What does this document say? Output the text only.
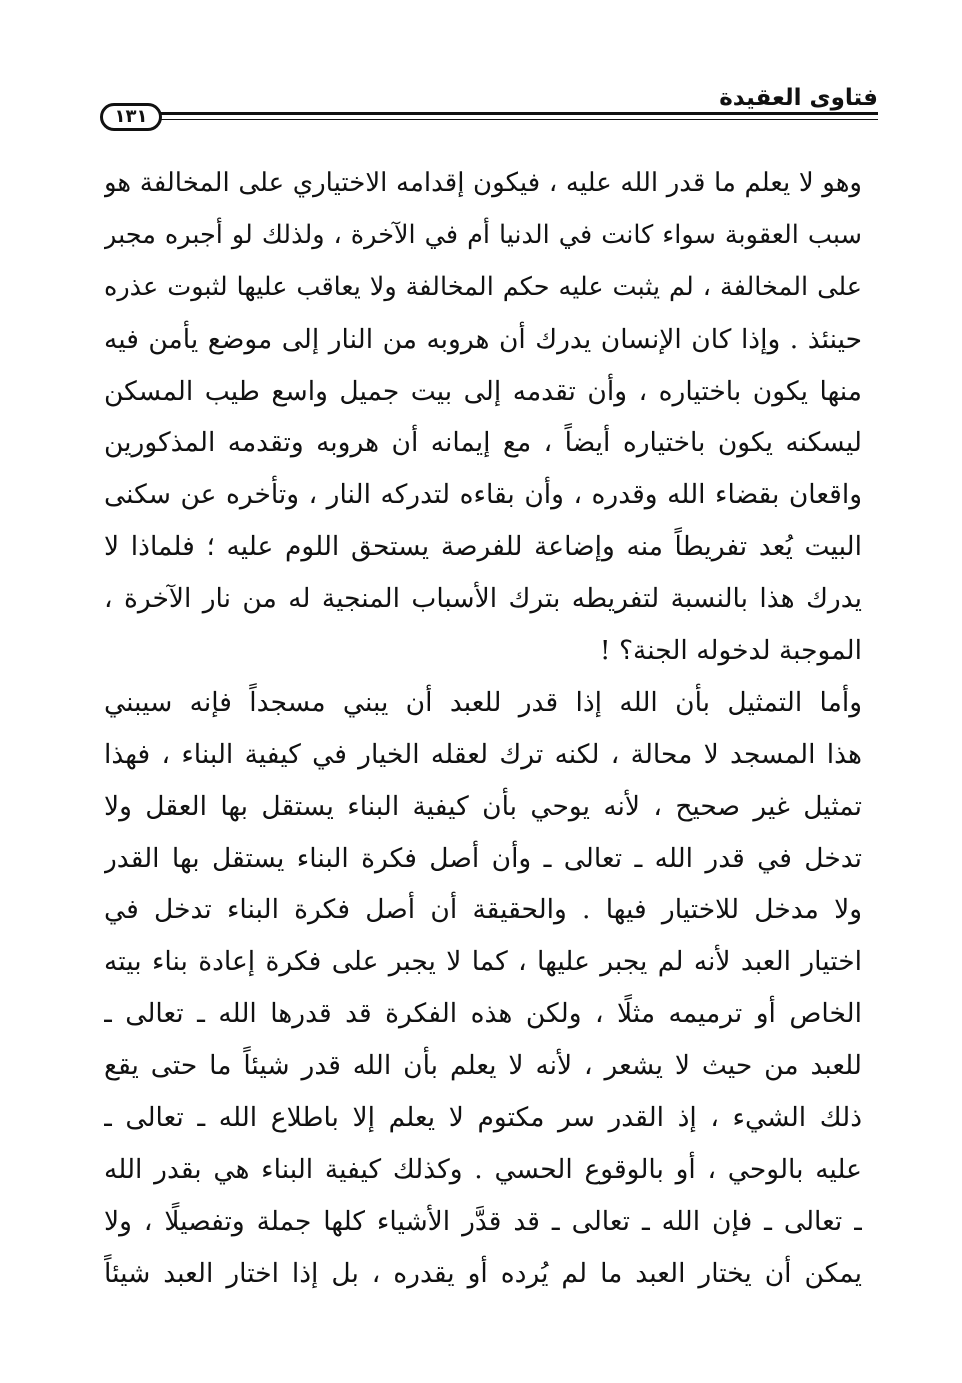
فتاوى العقيدة
١٣١
وهو لا يعلم ما قدر الله عليه ، فيكون إقدامه الاختياري على المخالفة هو
سبب العقوبة سواء كانت في الدنيا أم في الآخرة ، ولذلك لو أجبره مجبر
على المخالفة ، لم يثبت عليه حكم المخالفة ولا يعاقب عليها لثبوت عذره
حينئذ . وإذا كان الإنسان يدرك أن هروبه من النار إلى موضع يأمن فيه
منها يكون باختياره ، وأن تقدمه إلى بيت جميل واسع طيب المسكن
ليسكنه يكون باختياره أيضاً ، مع إيمانه أن هروبه وتقدمه المذكورين
واقعان بقضاء الله وقدره ، وأن بقاءه لتدركه النار ، وتأخره عن سكنى
البيت يُعد تفريطاً منه وإضاعة للفرصة يستحق اللوم عليه ؛ فلماذا لا
يدرك هذا بالنسبة لتفريطه بترك الأسباب المنجية له من نار الآخرة ،
الموجبة لدخوله الجنة؟ !
وأما التمثيل بأن الله إذا قدر للعبد أن يبني مسجداً فإنه سيبني
هذا المسجد لا محالة ، لكنه ترك لعقله الخيار في كيفية البناء ، فهذا
تمثيل غير صحيح ، لأنه يوحي بأن كيفية البناء يستقل بها العقل ولا
تدخل في قدر الله ـ تعالى ـ وأن أصل فكرة البناء يستقل بها القدر
ولا مدخل للاختيار فيها . والحقيقة أن أصل فكرة البناء تدخل في
اختيار العبد لأنه لم يجبر عليها ، كما لا يجبر على فكرة إعادة بناء بيته
الخاص أو ترميمه مثلًا ، ولكن هذه الفكرة قد قدرها الله ـ تعالى ـ
للعبد من حيث لا يشعر ، لأنه لا يعلم بأن الله قدر شيئاً ما حتى يقع
ذلك الشيء ، إذ القدر سر مكتوم لا يعلم إلا باطلاع الله ـ تعالى ـ
عليه بالوحي ، أو بالوقوع الحسي . وكذلك كيفية البناء هي بقدر الله
ـ تعالى ـ فإن الله ـ تعالى ـ قد قدَّر الأشياء كلها جملة وتفصيلًا ، ولا
يمكن أن يختار العبد ما لم يُرده أو يقدره ، بل إذا اختار العبد شيئاً
